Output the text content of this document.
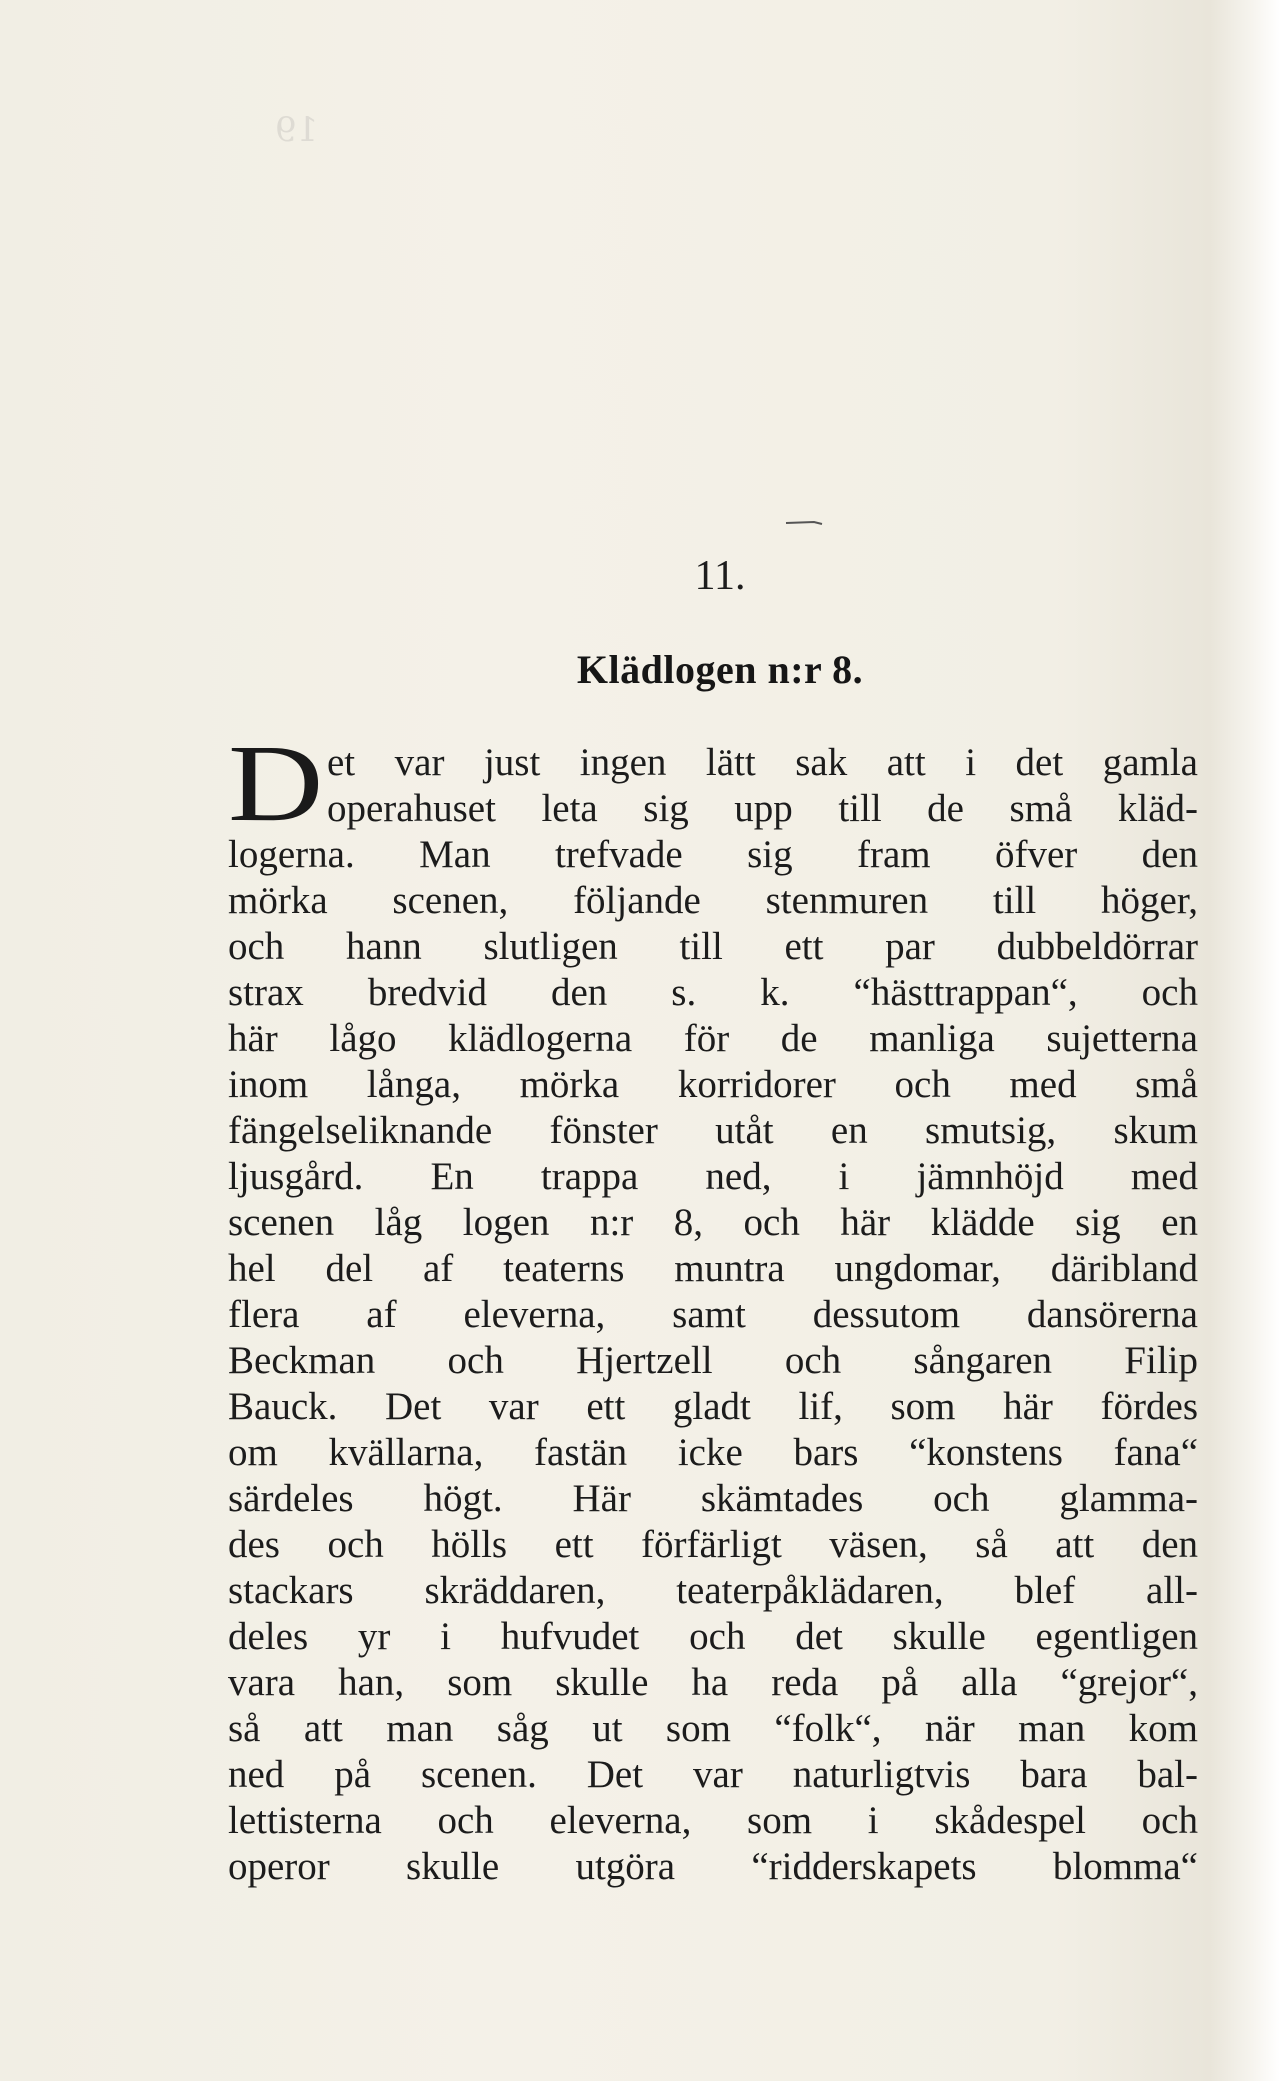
19
11.
Klädlogen n:r 8.
D et var just ingen lätt sak att i det gamla
operahuset leta sig upp till de små kläd-
logerna. Man trefvade sig fram öfver den
mörka scenen, följande stenmuren till höger,
och hann slutligen till ett par dubbeldörrar
strax bredvid den s. k. “hästtrappan“, och
här lågo klädlogerna för de manliga sujetterna
inom långa, mörka korridorer och med små
fängelseliknande fönster utåt en smutsig, skum
ljusgård. En trappa ned, i jämnhöjd med
scenen låg logen n:r 8, och här klädde sig en
hel del af teaterns muntra ungdomar, däribland
flera af eleverna, samt dessutom dansörerna
Beckman och Hjertzell och sångaren Filip
Bauck. Det var ett gladt lif, som här fördes
om kvällarna, fastän icke bars “konstens fana“
särdeles högt. Här skämtades och glamma-
des och hölls ett förfärligt väsen, så att den
stackars skräddaren, teaterpåklädaren, blef all-
deles yr i hufvudet och det skulle egentligen
vara han, som skulle ha reda på alla “grejor“,
så att man såg ut som “folk“, när man kom
ned på scenen. Det var naturligtvis bara bal-
lettisterna och eleverna, som i skådespel och
operor skulle utgöra “ridderskapets blomma“
